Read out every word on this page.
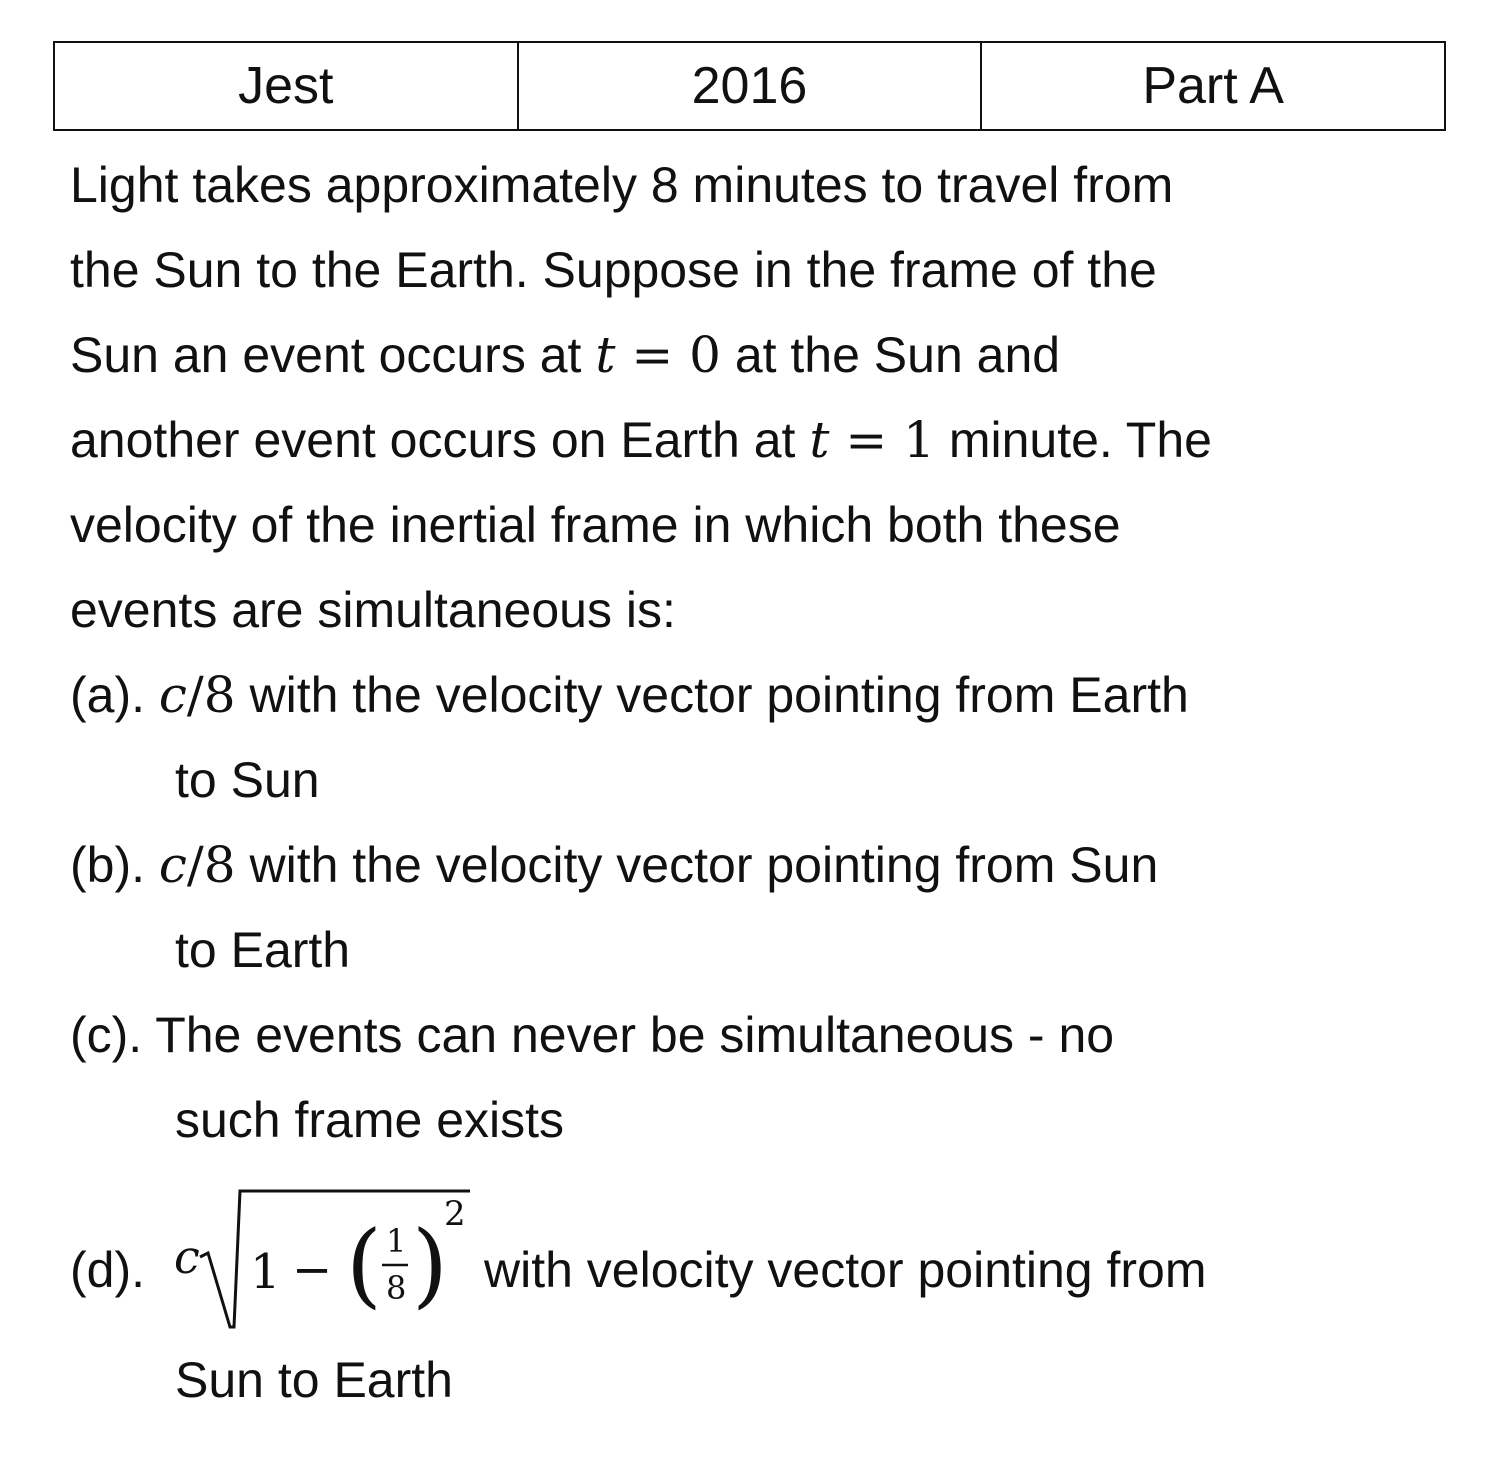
Jest	2016	Part A
Light takes approximately 8 minutes to travel from
the Sun to the Earth. Suppose in the frame of the
Sun an event occurs at t = 0 at the Sun and
another event occurs on Earth at t = 1 minute. The
velocity of the inertial frame in which both these
events are simultaneous is:
(a). c/8 with the velocity vector pointing from Earth
to Sun
(b). c/8 with the velocity vector pointing from Sun
to Earth
(c). The events can never be simultaneous - no
such frame exists
(d). c 1 − ( 1
8 )
2
with velocity vector pointing from
Sun to Earth
